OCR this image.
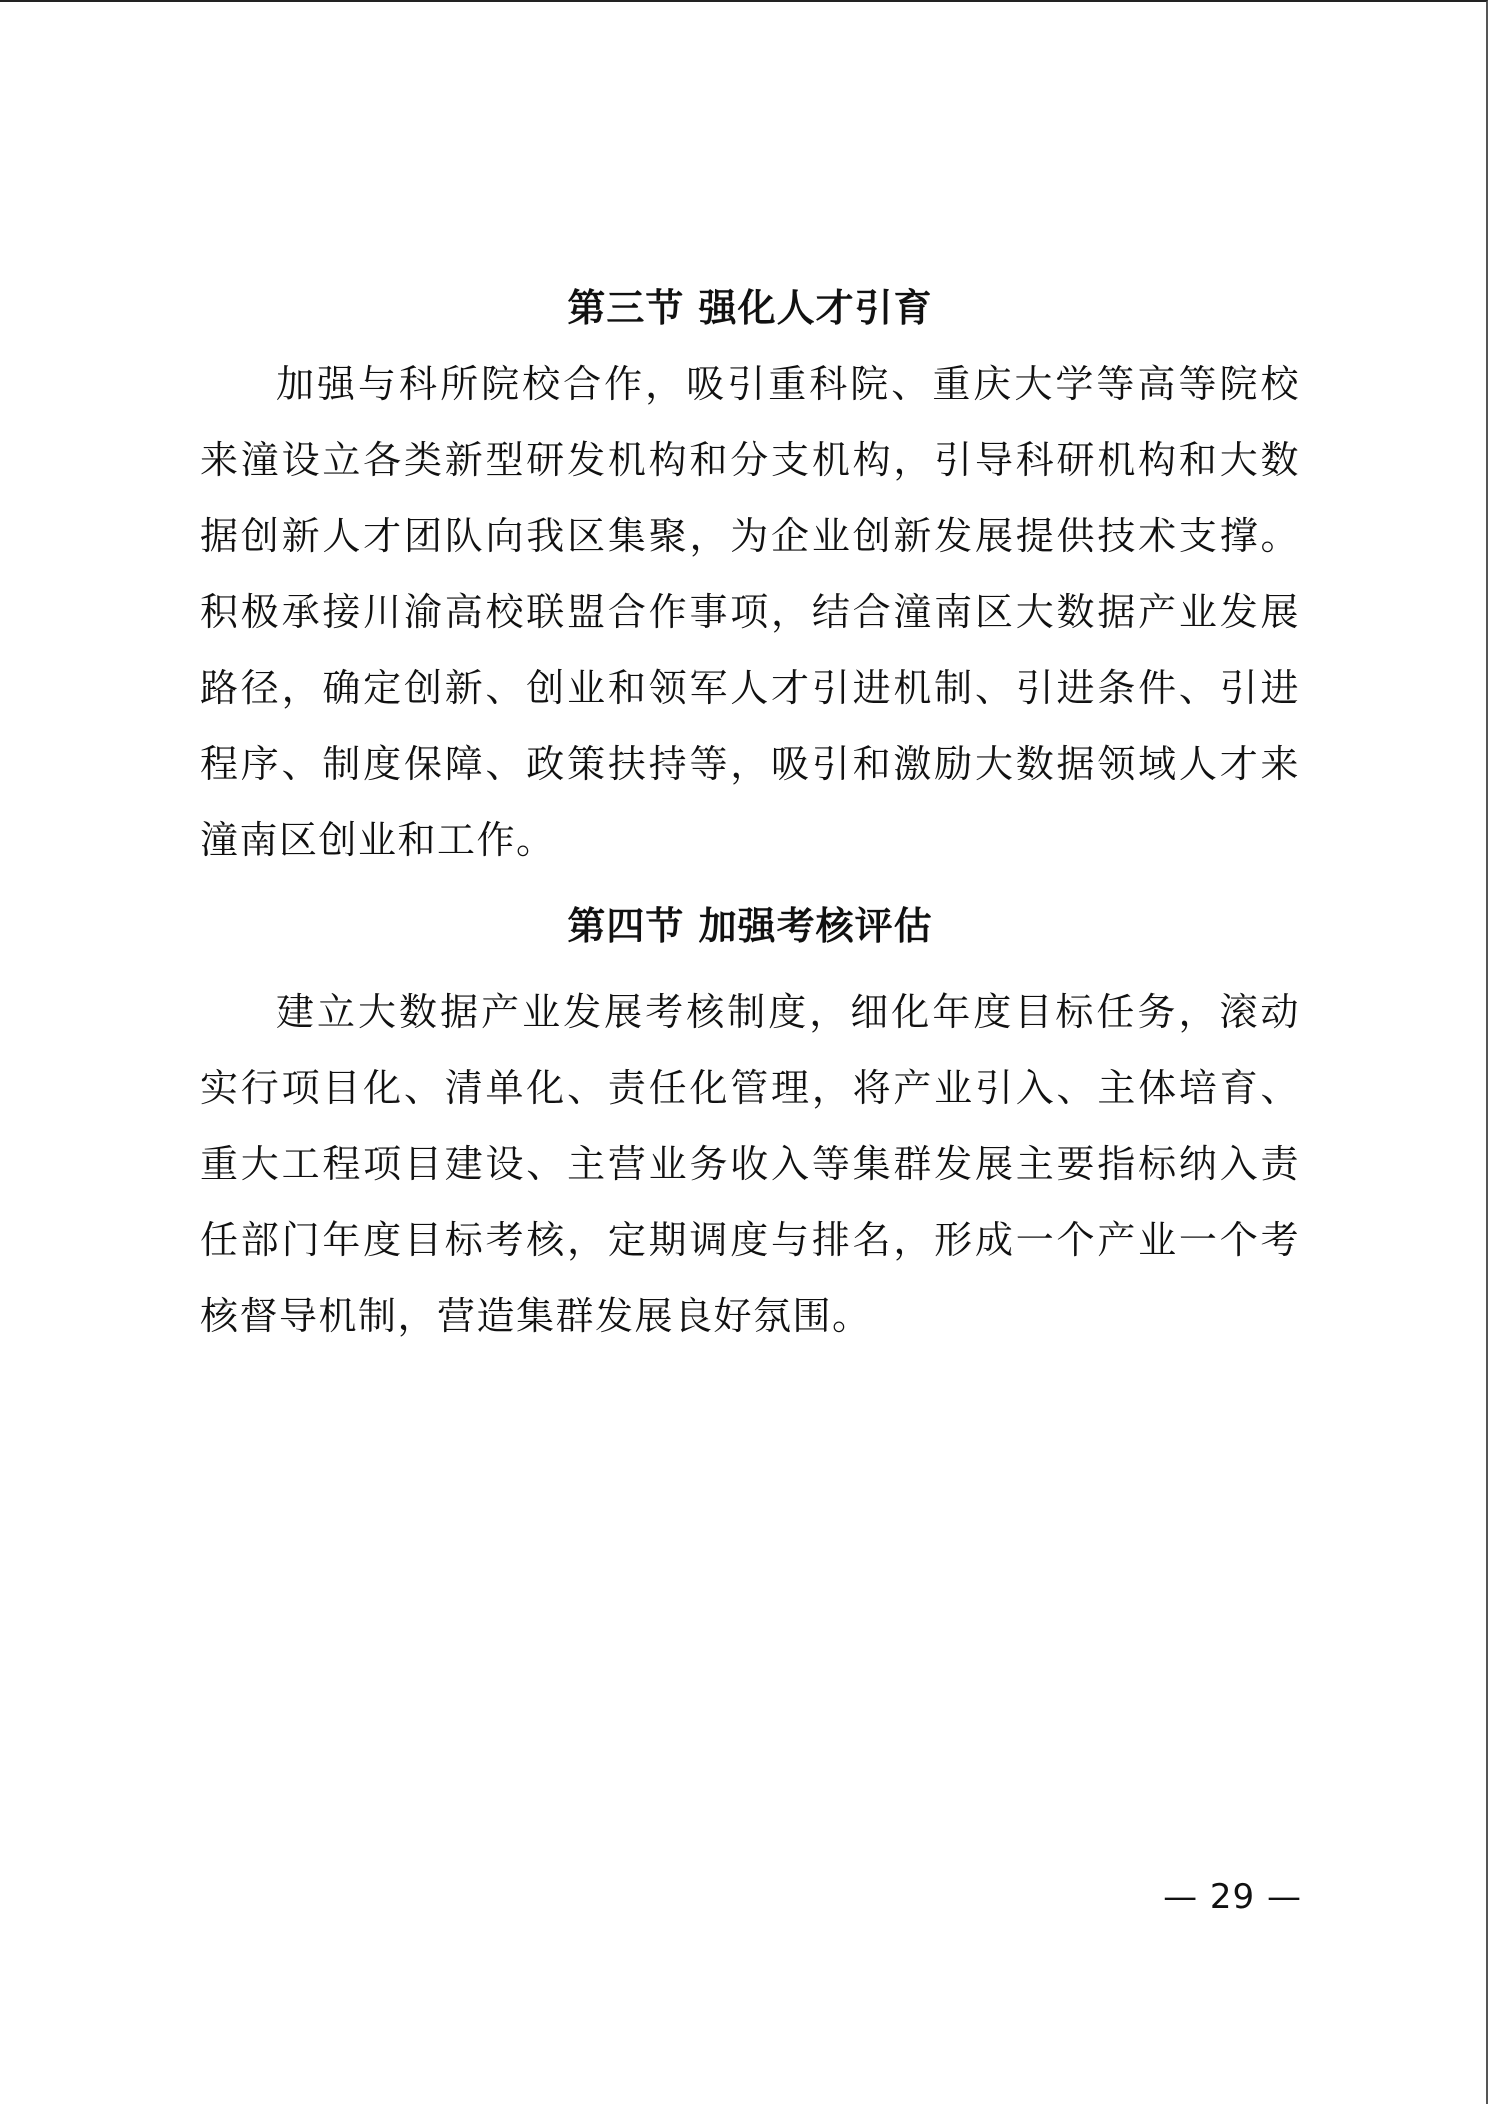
第三节 强化人才引育

加强与科所院校合作，吸引重科院、重庆大学等高等院校来潼设立各类新型研发机构和分支机构，引导科研机构和大数据创新人才团队向我区集聚，为企业创新发展提供技术支撑。积极承接川渝高校联盟合作事项，结合潼南区大数据产业发展路径，确定创新、创业和领军人才引进机制、引进条件、引进程序、制度保障、政策扶持等，吸引和激励大数据领域人才来潼南区创业和工作。

第四节 加强考核评估

建立大数据产业发展考核制度，细化年度目标任务，滚动实行项目化、清单化、责任化管理，将产业引入、主体培育、重大工程项目建设、主营业务收入等集群发展主要指标纳入责任部门年度目标考核，定期调度与排名，形成一个产业一个考核督导机制，营造集群发展良好氛围。

— 29 —
